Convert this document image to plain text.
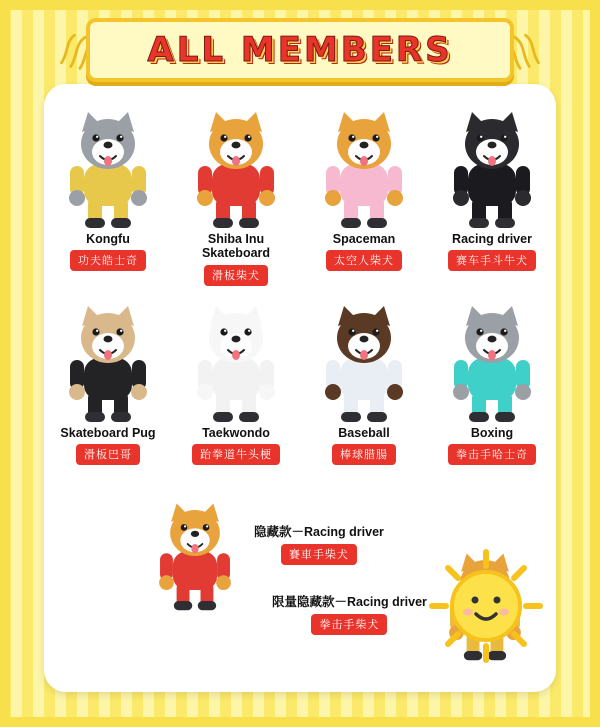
ALL MEMBERS
Kongfu
功夫皓士奇
Shiba Inu Skateboard
滑板柴犬
Spaceman
太空人柴犬
Racing driver
赛车手斗牛犬
Skateboard Pug
滑板巴哥
Taekwondo
跆拳道牛头梗
Baseball
棒球腊腸
Boxing
拳击手哈士奇
隐藏款－Racing driver
賽車手柴犬
限量隐藏款－Racing driver
拳击手柴犬
